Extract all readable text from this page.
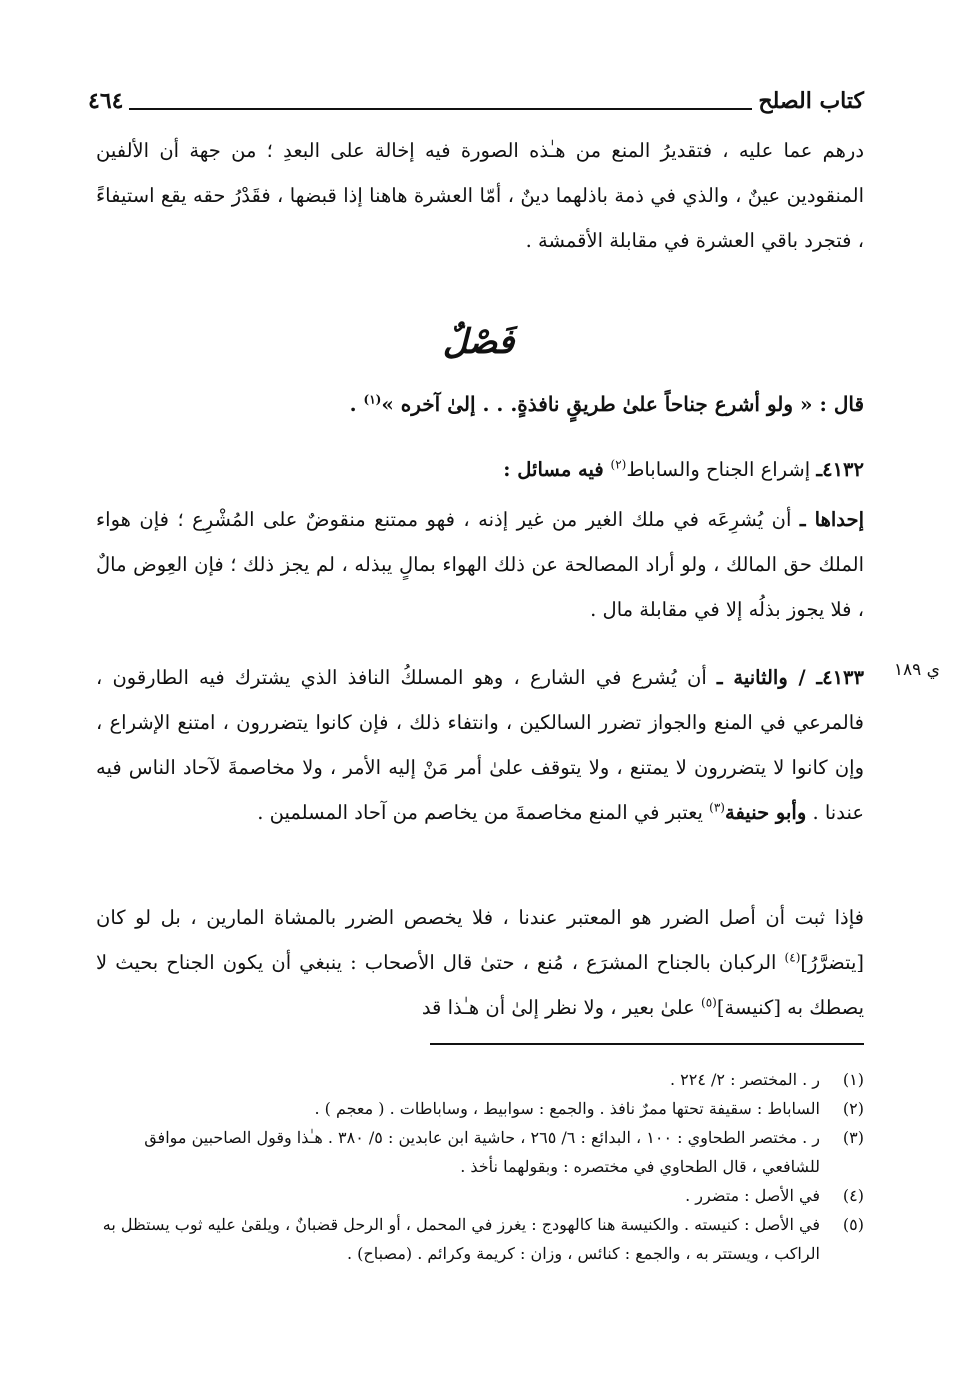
كتاب الصلح
٤٦٤
درهم عما عليه ، فتقديرُ المنع من هـٰذه الصورة فيه إخالة على البعدِ ؛ من جهة أن الألفين المنقودين عينٌ ، والذي في ذمة باذلهما دينٌ ، أمّا العشرة هاهنا إذا قبضها ، فقَدْرُ حقه يقع استيفاءً ، فتجرد باقي العشرة في مقابلة الأقمشة .
فَصْلٌ
قال : « ولو أشرع جناحاً علىٰ طريقٍ نافذةٍ. . . إلىٰ آخره »$^{(١)}$ .
٤١٣٢ـ إشراع الجناح والساباط$^{(٢)}$ فيه مسائل :
إحداها ـ أن يُشرِعَه في ملك الغير من غير إذنه ، فهو ممتنع منقوضٌ على المُشْرِع ؛ فإن هواء الملك حق المالك ، ولو أراد المصالحة عن ذلك الهواء بمالٍ يبذله ، لم يجز ذلك ؛ فإن العِوض مالٌ ، فلا يجوز بذلُه إلا في مقابلة مال .
ي ١٨٩
٤١٣٣ـ / والثانية ـ أن يُشرع في الشارع ، وهو المسلكُ النافذ الذي يشترك فيه الطارقون ، فالمرعي في المنع والجواز تضرر السالكين ، وانتفاء ذلك ، فإن كانوا يتضررون ، امتنع الإشراع ، وإن كانوا لا يتضررون لا يمتنع ، ولا يتوقف علىٰ أمر مَنْ إليه الأمر ، ولا مخاصمةَ لآحاد الناس فيه عندنا . وأبو حنيفة$^{(٣)}$ يعتبر في المنع مخاصمةَ من يخاصم من آحاد المسلمين .
فإذا ثبت أن أصل الضرر هو المعتبر عندنا ، فلا يخصص الضرر بالمشاة المارين ، بل لو كان [يتضرَّرُ]$^{(٤)}$ الركبان بالجناح المشرَع ، مُنع ، حتىٰ قال الأصحاب : ينبغي أن يكون الجناح بحيث لا يصطك به [كنيسة]$^{(٥)}$ علىٰ بعير ، ولا نظر إلىٰ أن هـٰذا قد
(١)
ر . المختصر : ٢/ ٢٢٤ .
(٢)
الساباط : سقيفة تحتها ممرٌ نافذ . والجمع : سوابيط ، وساباطات . ( معجم ) .
(٣)
ر . مختصر الطحاوي : ١٠٠ ، البدائع : ٦/ ٢٦٥ ، حاشية ابن عابدين : ٥/ ٣٨٠ . هـٰذا وقول الصاحبين موافق للشافعي ، قال الطحاوي في مختصره : وبقولهما نأخذ .
(٤)
في الأصل : متضرر .
(٥)
في الأصل : كنيسته . والكنيسة هنا كالهودج : يغرز في المحمل ، أو الرحل قضبانٌ ، ويلقىٰ عليه ثوب يستظل به الراكب ، ويستتر به ، والجمع : كنائس ، وزان : كريمة وكرائم . (مصباح) .
